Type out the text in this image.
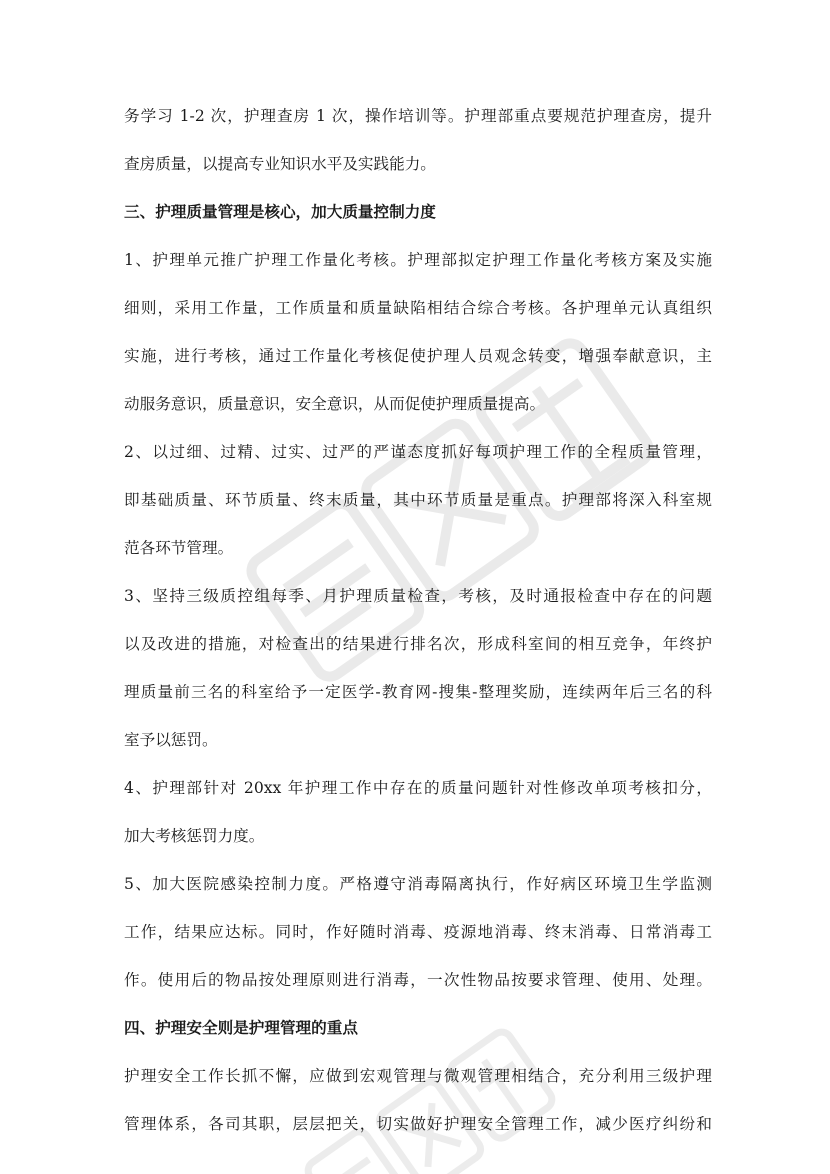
务学习 1-2 次，护理查房 1 次，操作培训等。护理部重点要规范护理查房，提升

查房质量，以提高专业知识水平及实践能力。

三、护理质量管理是核心，加大质量控制力度

1、护理单元推广护理工作量化考核。护理部拟定护理工作量化考核方案及实施

细则，采用工作量，工作质量和质量缺陷相结合综合考核。各护理单元认真组织

实施，进行考核，通过工作量化考核促使护理人员观念转变，增强奉献意识，主

动服务意识，质量意识，安全意识，从而促使护理质量提高。

2、以过细、过精、过实、过严的严谨态度抓好每项护理工作的全程质量管理，

即基础质量、环节质量、终末质量，其中环节质量是重点。护理部将深入科室规

范各环节管理。

3、坚持三级质控组每季、月护理质量检查，考核，及时通报检查中存在的问题

以及改进的措施，对检查出的结果进行排名次，形成科室间的相互竞争，年终护

理质量前三名的科室给予一定医学-教育网-搜集-整理奖励，连续两年后三名的科

室予以惩罚。

4、护理部针对 20xx 年护理工作中存在的质量问题针对性修改单项考核扣分，

加大考核惩罚力度。

5、加大医院感染控制力度。严格遵守消毒隔离执行，作好病区环境卫生学监测

工作，结果应达标。同时，作好随时消毒、疫源地消毒、终末消毒、日常消毒工

作。使用后的物品按处理原则进行消毒，一次性物品按要求管理、使用、处理。

四、护理安全则是护理管理的重点

护理安全工作长抓不懈，应做到宏观管理与微观管理相结合，充分利用三级护理

管理体系，各司其职，层层把关，切实做好护理安全管理工作，减少医疗纠纷和
